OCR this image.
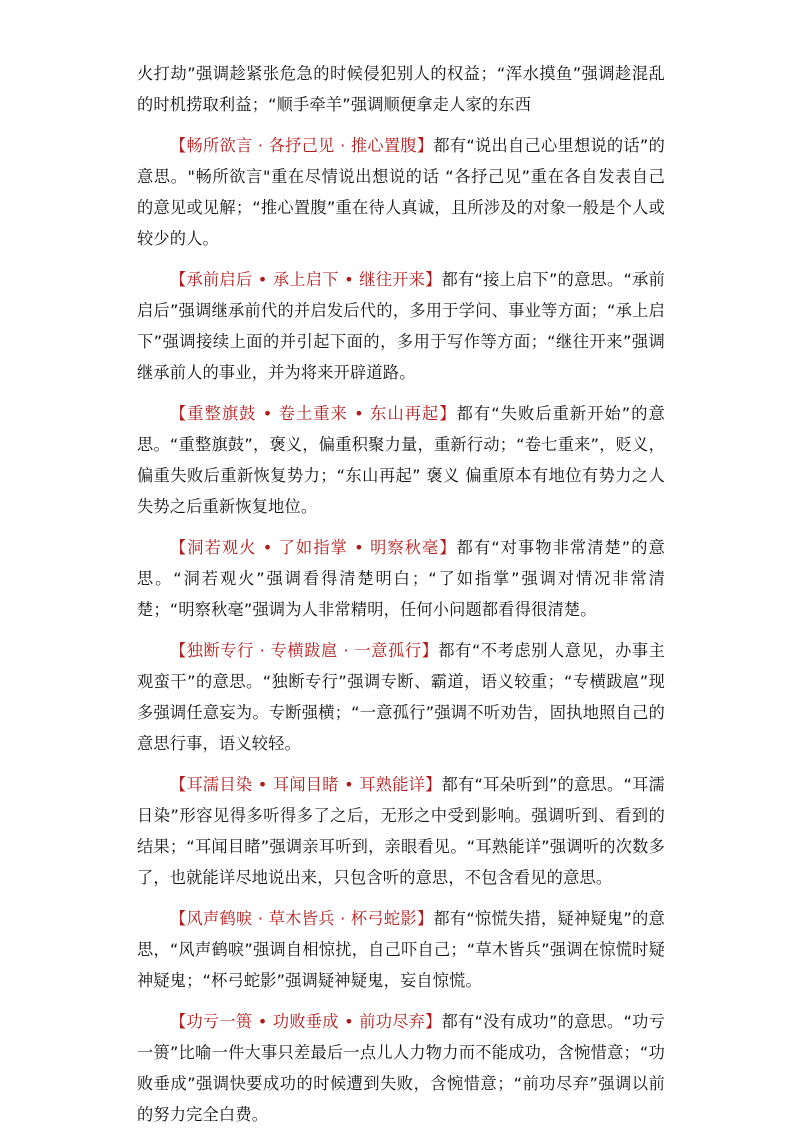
火打劫”强调趁紧张危急的时候侵犯别人的权益；“浑水摸鱼”强调趁混乱的时机捞取利益；“顺手牵羊”强调顺便拿走人家的东西

【畅所欲言 · 各抒己见 · 推心置腹】都有“说出自己心里想说的话”的意思。"畅所欲言"重在尽情说出想说的话 “各抒己见”重在各自发表自己的意见或见解；“推心置腹”重在待人真诚，且所涉及的对象一般是个人或较少的人。

【承前启后 • 承上启下 • 继往开来】都有“接上启下”的意思。“承前启后”强调继承前代的并启发后代的，多用于学问、事业等方面；“承上启下”强调接续上面的并引起下面的，多用于写作等方面；“继往开来”强调继承前人的事业，并为将来开辟道路。

【重整旗鼓 • 卷土重来 • 东山再起】都有“失败后重新开始”的意思。“重整旗鼓”，褒义，偏重积聚力量，重新行动；“卷七重来”，贬义，偏重失败后重新恢复势力；“东山再起” 褒义 偏重原本有地位有势力之人失势之后重新恢复地位。

【洞若观火 • 了如指掌 • 明察秋毫】都有“对事物非常清楚”的意思。“洞若观火”强调看得清楚明白；“了如指掌”强调对情况非常清楚；“明察秋毫”强调为人非常精明，任何小问题都看得很清楚。

【独断专行 · 专横跋扈 · 一意孤行】都有“不考虑别人意见，办事主观蛮干”的意思。“独断专行”强调专断、霸道，语义较重；“专横跋扈”现多强调任意妄为。专断强横；“一意孤行”强调不听劝告，固执地照自己的意思行事，语义较轻。

【耳濡目染 • 耳闻目睹 • 耳熟能详】都有“耳朵听到”的意思。“耳濡日染”形容见得多听得多了之后，无形之中受到影响。强调听到、看到的结果；“耳闻目睹”强调亲耳听到，亲眼看见。“耳熟能详”强调听的次数多了，也就能详尽地说出来，只包含听的意思，不包含看见的意思。

【风声鹤唳 · 草木皆兵 · 杯弓蛇影】都有“惊慌失措，疑神疑鬼”的意思，“风声鹤唳”强调自相惊扰，自己吓自己；“草木皆兵”强调在惊慌时疑神疑鬼；“杯弓蛇影”强调疑神疑鬼，妄自惊慌。

【功亏一篑 • 功败垂成 • 前功尽弃】都有“没有成功”的意思。“功亏一篑”比喻一件大事只差最后一点儿人力物力而不能成功，含惋惜意；“功败垂成”强调快要成功的时候遭到失败，含惋惜意；“前功尽弃”强调以前的努力完全白费。
